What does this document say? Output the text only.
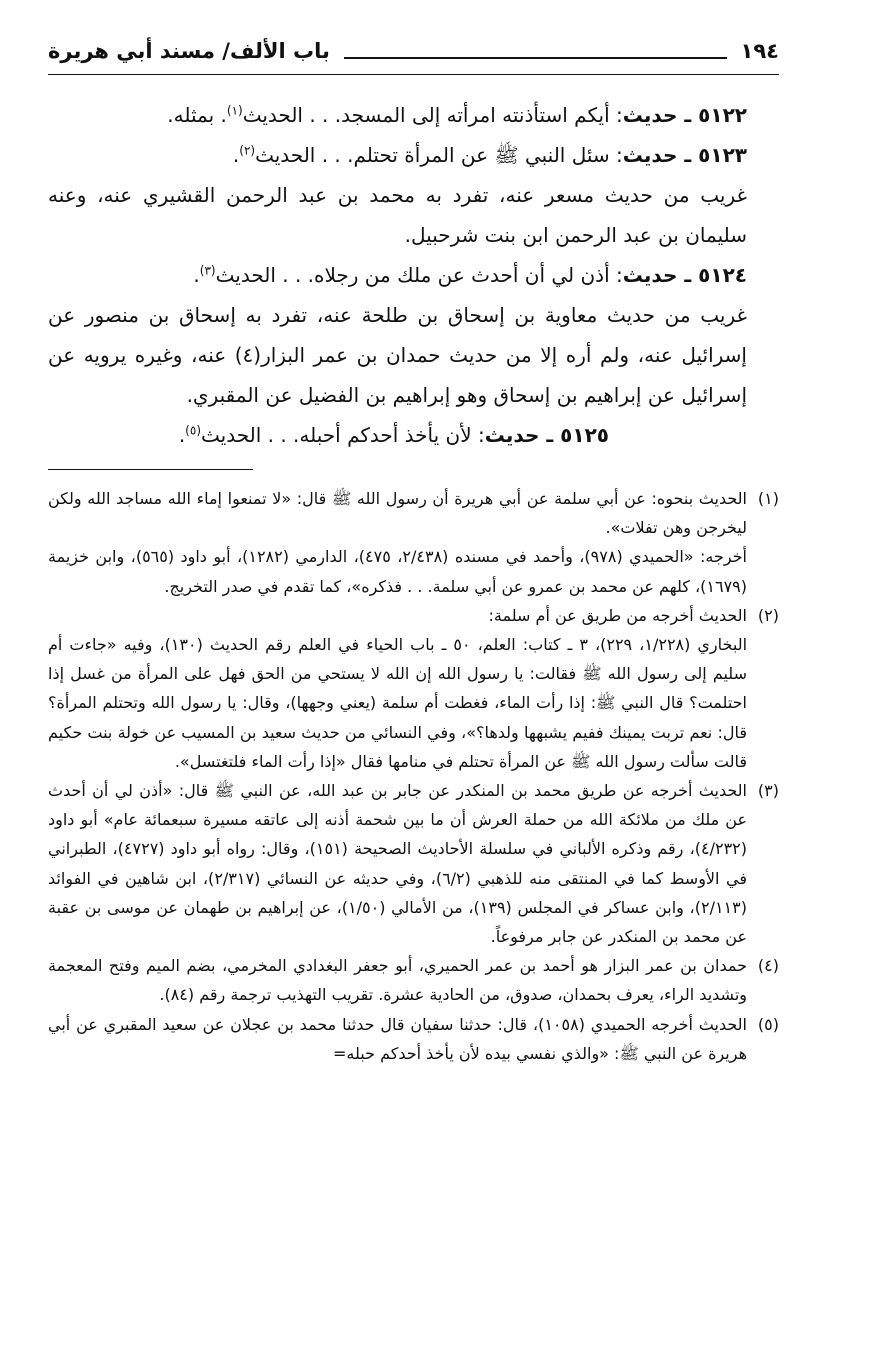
١٩٤
باب الألف/ مسند أبي هريرة
٥١٢٢ ـ حديث: أيكم استأذنته امرأته إلى المسجد. . . الحديث$^{(١)}$. بمثله.
٥١٢٣ ـ حديث: سئل النبي ﷺ عن المرأة تحتلم. . . الحديث$^{(٢)}$.

غريب من حديث مسعر عنه، تفرد به محمد بن عبد الرحمن القشيري عنه، وعنه سليمان بن عبد الرحمن ابن بنت شرحبيل.

٥١٢٤ ـ حديث: أذن لي أن أحدث عن ملك من رجلاه. . . الحديث$^{(٣)}$.

غريب من حديث معاوية بن إسحاق بن طلحة عنه، تفرد به إسحاق بن منصور عن إسرائيل عنه، ولم أره إلا من حديث حمدان بن عمر البزار(٤) عنه، وغيره يرويه عن إسرائيل عن إبراهيم بن إسحاق وهو إبراهيم بن الفضيل عن المقبري.

٥١٢٥ ـ حديث: لأن يأخذ أحدكم أحبله. . . الحديث$^{(٥)}$.
(١)
الحديث بنحوه: عن أبي سلمة عن أبي هريرة أن رسول الله ﷺ قال: «لا تمنعوا إماء الله مساجد الله ولكن ليخرجن وهن تفلات».
أخرجه: «الحميدي (٩٧٨)، وأحمد في مسنده (٢/٤٣٨، ٤٧٥)، الدارمي (١٢٨٢)، أبو داود (٥٦٥)، وابن خزيمة (١٦٧٩)، كلهم عن محمد بن عمرو عن أبي سلمة. . . فذكره»، كما تقدم في صدر التخريج.
(٢)
الحديث أخرجه من طريق عن أم سلمة:
البخاري (١/٢٢٨، ٢٢٩)، ٣ ـ كتاب: العلم، ٥٠ ـ باب الحياء في العلم رقم الحديث (١٣٠)، وفيه «جاءت أم سليم إلى رسول الله ﷺ فقالت: يا رسول الله إن الله لا يستحي من الحق فهل على المرأة من غسل إذا احتلمت؟ قال النبي ﷺ: إذا رأت الماء، فغطت أم سلمة (يعني وجهها)، وقال: يا رسول الله وتحتلم المرأة؟ قال: نعم تربت يمينك ففيم يشبهها ولدها؟»، وفي النسائي من حديث سعيد بن المسيب عن خولة بنت حكيم قالت سألت رسول الله ﷺ عن المرأة تحتلم في منامها فقال «إذا رأت الماء فلتغتسل».
(٣)
الحديث أخرجه عن طريق محمد بن المنكدر عن جابر بن عبد الله، عن النبي ﷺ قال: «أذن لي أن أحدث عن ملك من ملائكة الله من حملة العرش أن ما بين شحمة أذنه إلى عاتقه مسيرة سبعمائة عام» أبو داود (٤/٢٣٢)، رقم وذكره الألباني في سلسلة الأحاديث الصحيحة (١٥١)، وقال: رواه أبو داود (٤٧٢٧)، الطبراني في الأوسط كما في المنتقى منه للذهبي (٦/٢)، وفي حديثه عن النسائي (٢/٣١٧)، ابن شاهين في الفوائد (٢/١١٣)، وابن عساكر في المجلس (١٣٩)، من الأمالي (١/٥٠)، عن إبراهيم بن طهمان عن موسى بن عقبة عن محمد بن المنكدر عن جابر مرفوعاً.
(٤)
حمدان بن عمر البزار هو أحمد بن عمر الحميري، أبو جعفر البغدادي المخرمي، بضم الميم وفتح المعجمة وتشديد الراء، يعرف بحمدان، صدوق، من الحادية عشرة. تقريب التهذيب ترجمة رقم (٨٤).
(٥)
الحديث أخرجه الحميدي (١٠٥٨)، قال: حدثنا سفيان قال حدثنا محمد بن عجلان عن سعيد المقبري عن أبي هريرة عن النبي ﷺ: «والذي نفسي بيده لأن يأخذ أحدكم حبله=
